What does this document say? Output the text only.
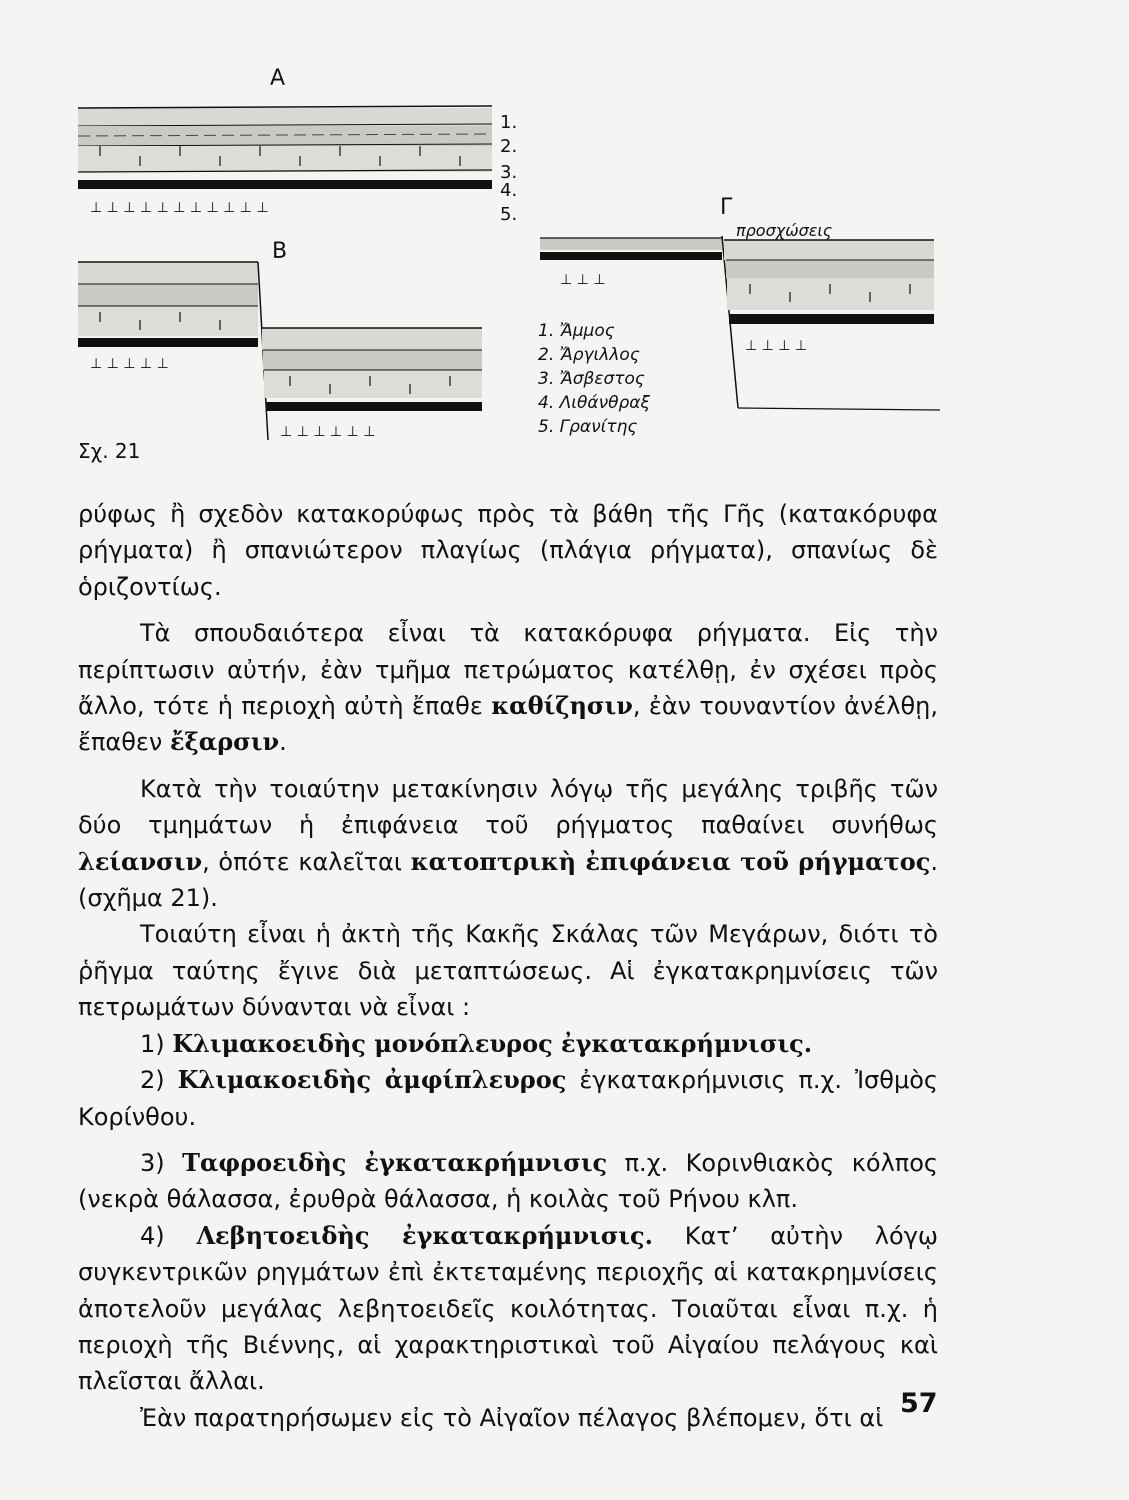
Α
⊥ ⊥ ⊥ ⊥ ⊥ ⊥ ⊥ ⊥ ⊥ ⊥ ⊥
1.
2.
3.
4.
5.
Β
⊥ ⊥ ⊥ ⊥ ⊥
⊥ ⊥ ⊥ ⊥ ⊥ ⊥
1. Ἄμμος
2. Ἄργιλλος
3. Ἄσβεστος
4. Λιθάνθραξ
5. Γρανίτης
Γ
προσχώσεις
⊥ ⊥ ⊥
⊥ ⊥ ⊥ ⊥
Σχ. 21

ρύφως ἢ σχεδὸν κατακορύφως πρὸς τὰ βάθη τῆς Γῆς (κατακόρυφα ρήγματα) ἢ σπανιώτερον πλαγίως (πλάγια ρήγματα), σπανίως δὲ ὁριζοντίως.

Τὰ σπουδαιότερα εἶναι τὰ κατακόρυφα ρήγματα. Εἰς τὴν περίπτωσιν αὐτήν, ἐὰν τμῆμα πετρώματος κατέλθῃ, ἐν σχέσει πρὸς ἄλλο, τότε ἡ περιοχὴ αὐτὴ ἔπαθε καθίζησιν, ἐὰν τουναντίον ἀνέλθῃ, ἔπαθεν ἔξαρσιν.

Κατὰ τὴν τοιαύτην μετακίνησιν λόγῳ τῆς μεγάλης τριβῆς τῶν δύο τμημάτων ἡ ἐπιφάνεια τοῦ ρήγματος παθαίνει συνήθως λείανσιν, ὁπότε καλεῖται κατοπτρικὴ ἐπιφάνεια τοῦ ρήγματος. (σχῆμα 21).

Τοιαύτη εἶναι ἡ ἀκτὴ τῆς Κακῆς Σκάλας τῶν Μεγάρων, διότι τὸ ῥῆγμα ταύτης ἔγινε διὰ μεταπτώσεως. Αἱ ἐγκατακρημνίσεις τῶν πετρωμάτων δύνανται νὰ εἶναι :

1) Κλιμακοειδὴς μονόπλευρος ἐγκατακρήμνισις.

2) Κλιμακοειδὴς ἀμφίπλευρος ἐγκατακρήμνισις π.χ. Ἰσθμὸς Κορίνθου.

3) Ταφροειδὴς ἐγκατακρήμνισις π.χ. Κορινθιακὸς κόλπος (νεκρὰ θάλασσα, ἐρυθρὰ θάλασσα, ἡ κοιλὰς τοῦ Ρήνου κλπ.

4) Λεβητοειδὴς ἐγκατακρήμνισις. Κατ’ αὐτὴν λόγῳ συγκεντρικῶν ρηγμάτων ἐπὶ ἐκτεταμένης περιοχῆς αἱ κατακρημνίσεις ἀποτελοῦν μεγάλας λεβητοειδεῖς κοιλότητας. Τοιαῦται εἶναι π.χ. ἡ περιοχὴ τῆς Βιέννης, αἱ χαρακτηριστικαὶ τοῦ Αἰγαίου πελάγους καὶ πλεῖσται ἄλλαι.

Ἐὰν παρατηρήσωμεν εἰς τὸ Αἰγαῖον πέλαγος βλέπομεν, ὅτι αἱ 57
